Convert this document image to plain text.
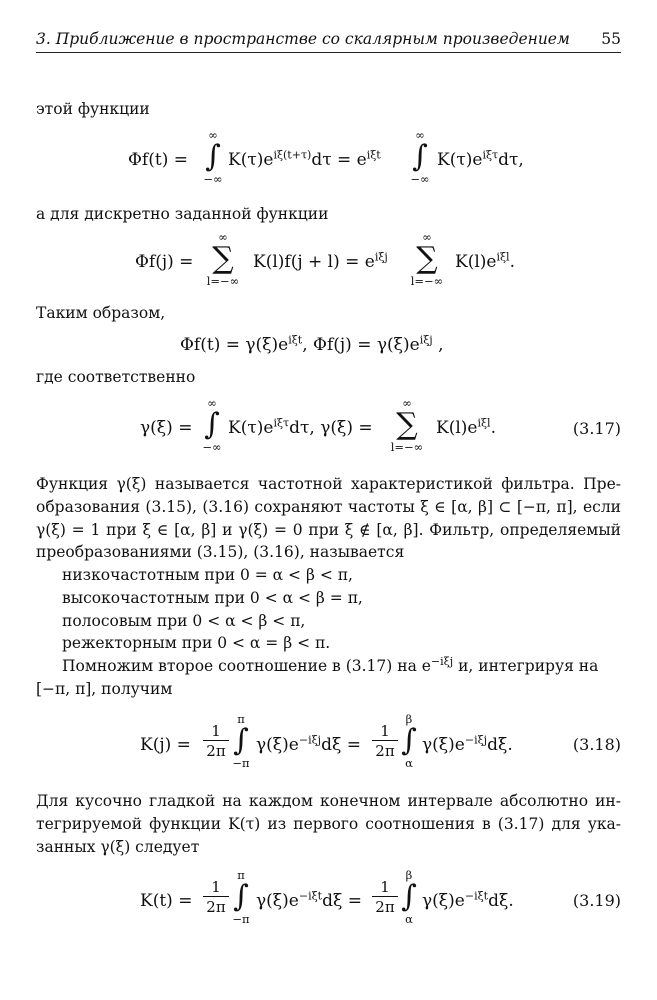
3. Приближение в пространстве со скалярным произведением 55
этой функции
Φf(t) =
∞
∫
−∞
$K(\tau)e^{i\xi(t+\tau)}d\tau = e^{i\xi t}$
∞
∫
−∞
$K(\tau)e^{i\xi\tau}d\tau$,
а для дискретно заданной функции
Φf(j) =
∞
∑
l=−∞
$K(l)f(j + l) = e^{i\xi j}$
∞
∑
l=−∞
$K(l)e^{i\xi l}$.
Таким образом,
$\Phi f(t) = \gamma(\xi)e^{i\xi t}$, $\Phi f(j) = \gamma(\xi)e^{i\xi j}$ ,
где соответственно
γ(ξ) =
∞
∫
−∞
$K(\tau)e^{i\xi\tau}d\tau$, γ(ξ) =
∞
∑
l=−∞
$K(l)e^{i\xi l}$.	(3.17)
Функция γ(ξ) называется частотной характеристикой фильтра. Пре-
образования (3.15), (3.16) сохраняют частоты ξ ∈ [α, β] ⊂ [−π, π], если
γ(ξ) = 1 при ξ ∈ [α, β] и γ(ξ) = 0 при ξ ∉ [α, β]. Фильтр, определяемый
преобразованиями (3.15), (3.16), называется
низкочастотным при 0 = α < β < π,
высокочастотным при 0 < α < β = π,
полосовым при 0 < α < β < π,
режекторным при 0 < α = β < π.
Помножим второе соотношение в (3.17) на $e^{-i\xi j}$ и, интегрируя на
[−π, π], получим
$K(j) = \frac{1}{2\pi}$
π
∫
−π
$\gamma(\xi)e^{-i\xi j}d\xi = \frac{1}{2\pi}$
β
∫
α
$\gamma(\xi)e^{-i\xi j}d\xi$.	(3.18)
Для кусочно гладкой на каждом конечном интервале абсолютно ин-
тегрируемой функции K(τ) из первого соотношения в (3.17) для ука-
занных γ(ξ) следует
$K(t) = \frac{1}{2\pi}$
π
∫
−π
$\gamma(\xi)e^{-i\xi t}d\xi = \frac{1}{2\pi}$
β
∫
α
$\gamma(\xi)e^{-i\xi t}d\xi$.	(3.19)
